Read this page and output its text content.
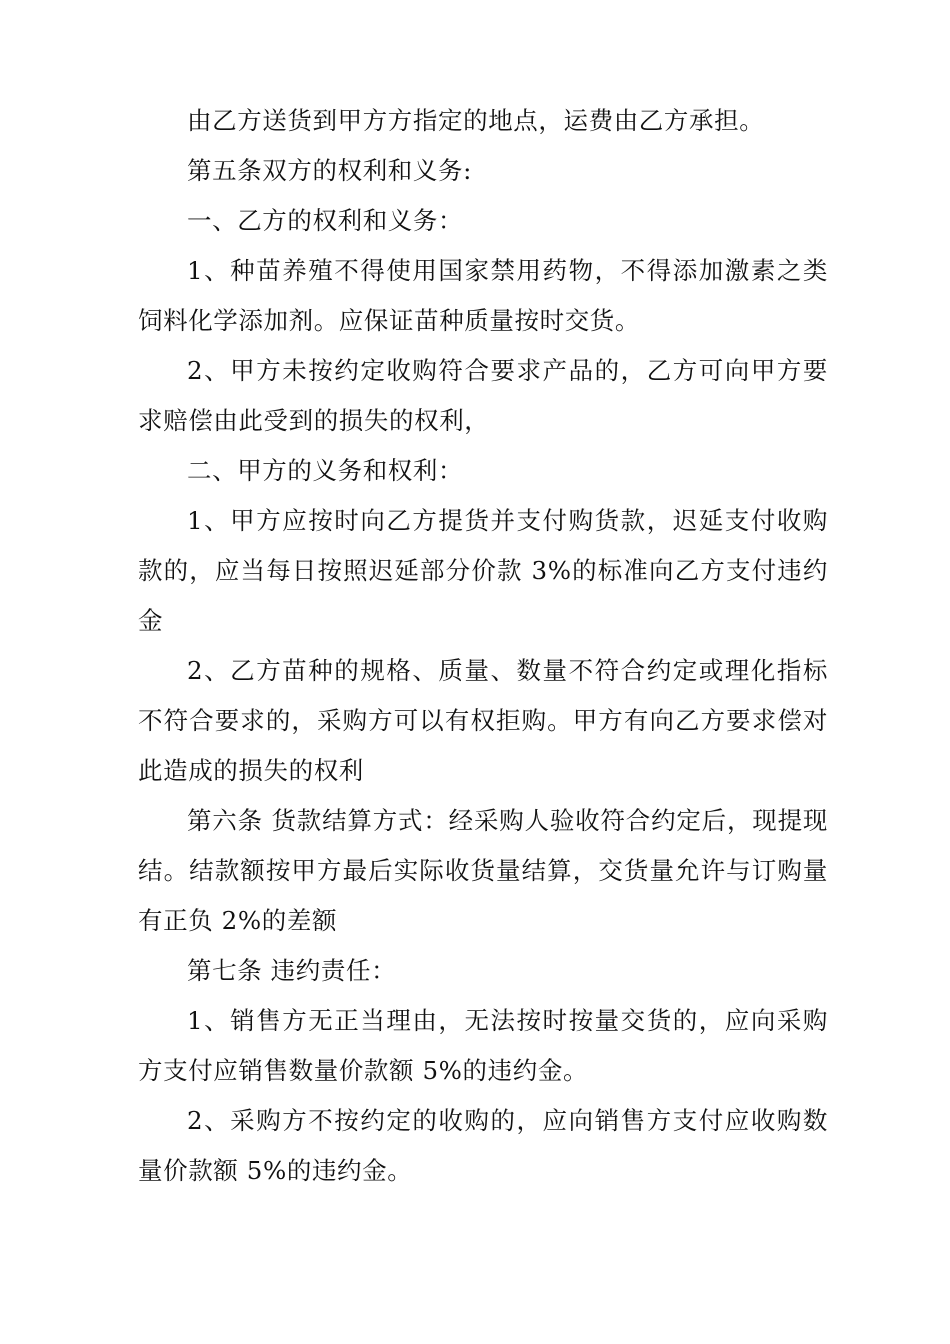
由乙方送货到甲方方指定的地点，运费由乙方承担。

第五条双方的权利和义务:

一、乙方的权利和义务：

1、种苗养殖不得使用国家禁用药物，不得添加激素之类饲料化学添加剂。应保证苗种质量按时交货。

2、甲方未按约定收购符合要求产品的，乙方可向甲方要求赔偿由此受到的损失的权利，

二、甲方的义务和权利：

1、甲方应按时向乙方提货并支付购货款，迟延支付收购款的，应当每日按照迟延部分价款 3%的标准向乙方支付违约金

2、乙方苗种的规格、质量、数量不符合约定或理化指标不符合要求的，采购方可以有权拒购。甲方有向乙方要求偿对此造成的损失的权利

第六条 货款结算方式：经采购人验收符合约定后，现提现结。结款额按甲方最后实际收货量结算，交货量允许与订购量有正负 2%的差额

第七条 违约责任：

1、销售方无正当理由，无法按时按量交货的，应向采购方支付应销售数量价款额 5%的违约金。

2、采购方不按约定的收购的，应向销售方支付应收购数量价款额 5%的违约金。
